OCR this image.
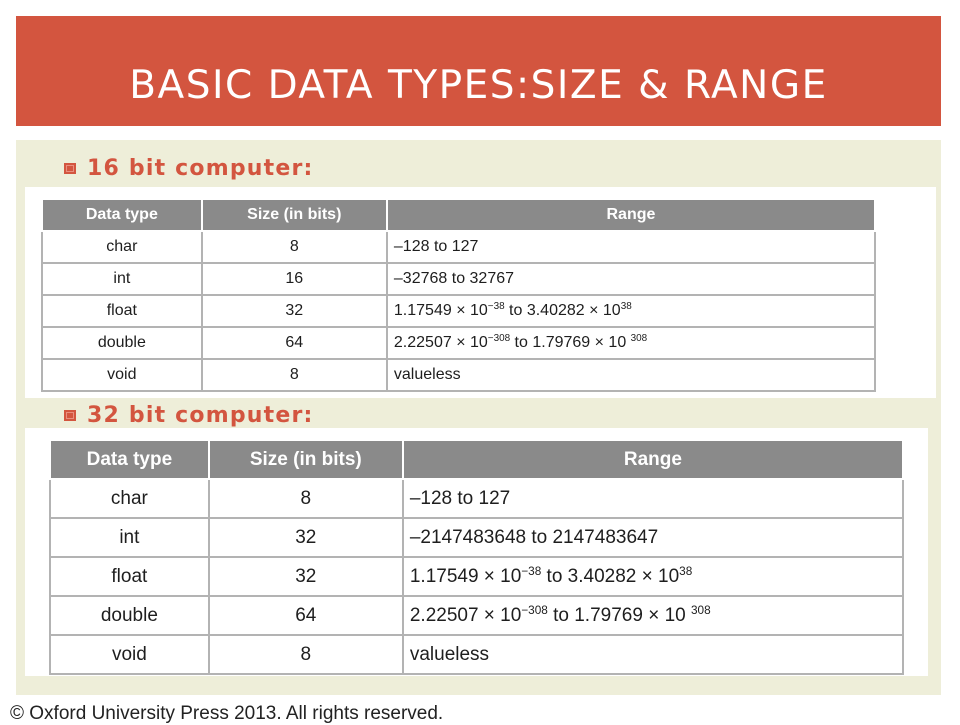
BASIC DATA TYPES:SIZE & RANGE
16 bit computer:
Data type	Size (in bits)	Range
char	8	–128 to 127
int	16	–32768 to 32767
float	32	$1.17549 \times 10^{-38}$ to $3.40282 \times 10^{38}$
double	64	$2.22507 \times 10^{-308}$ to 1.79769 × 10 $^{308}$
void	8	valueless
32 bit computer:
Data type	Size (in bits)	Range
char	8	–128 to 127
int	32	–2147483648 to 2147483647
float	32	$1.17549 \times 10^{-38}$ to $3.40282 \times 10^{38}$
double	64	$2.22507 \times 10^{-308}$ to 1.79769 × 10 $^{308}$
void	8	valueless
© Oxford University Press 2013. All rights reserved.
